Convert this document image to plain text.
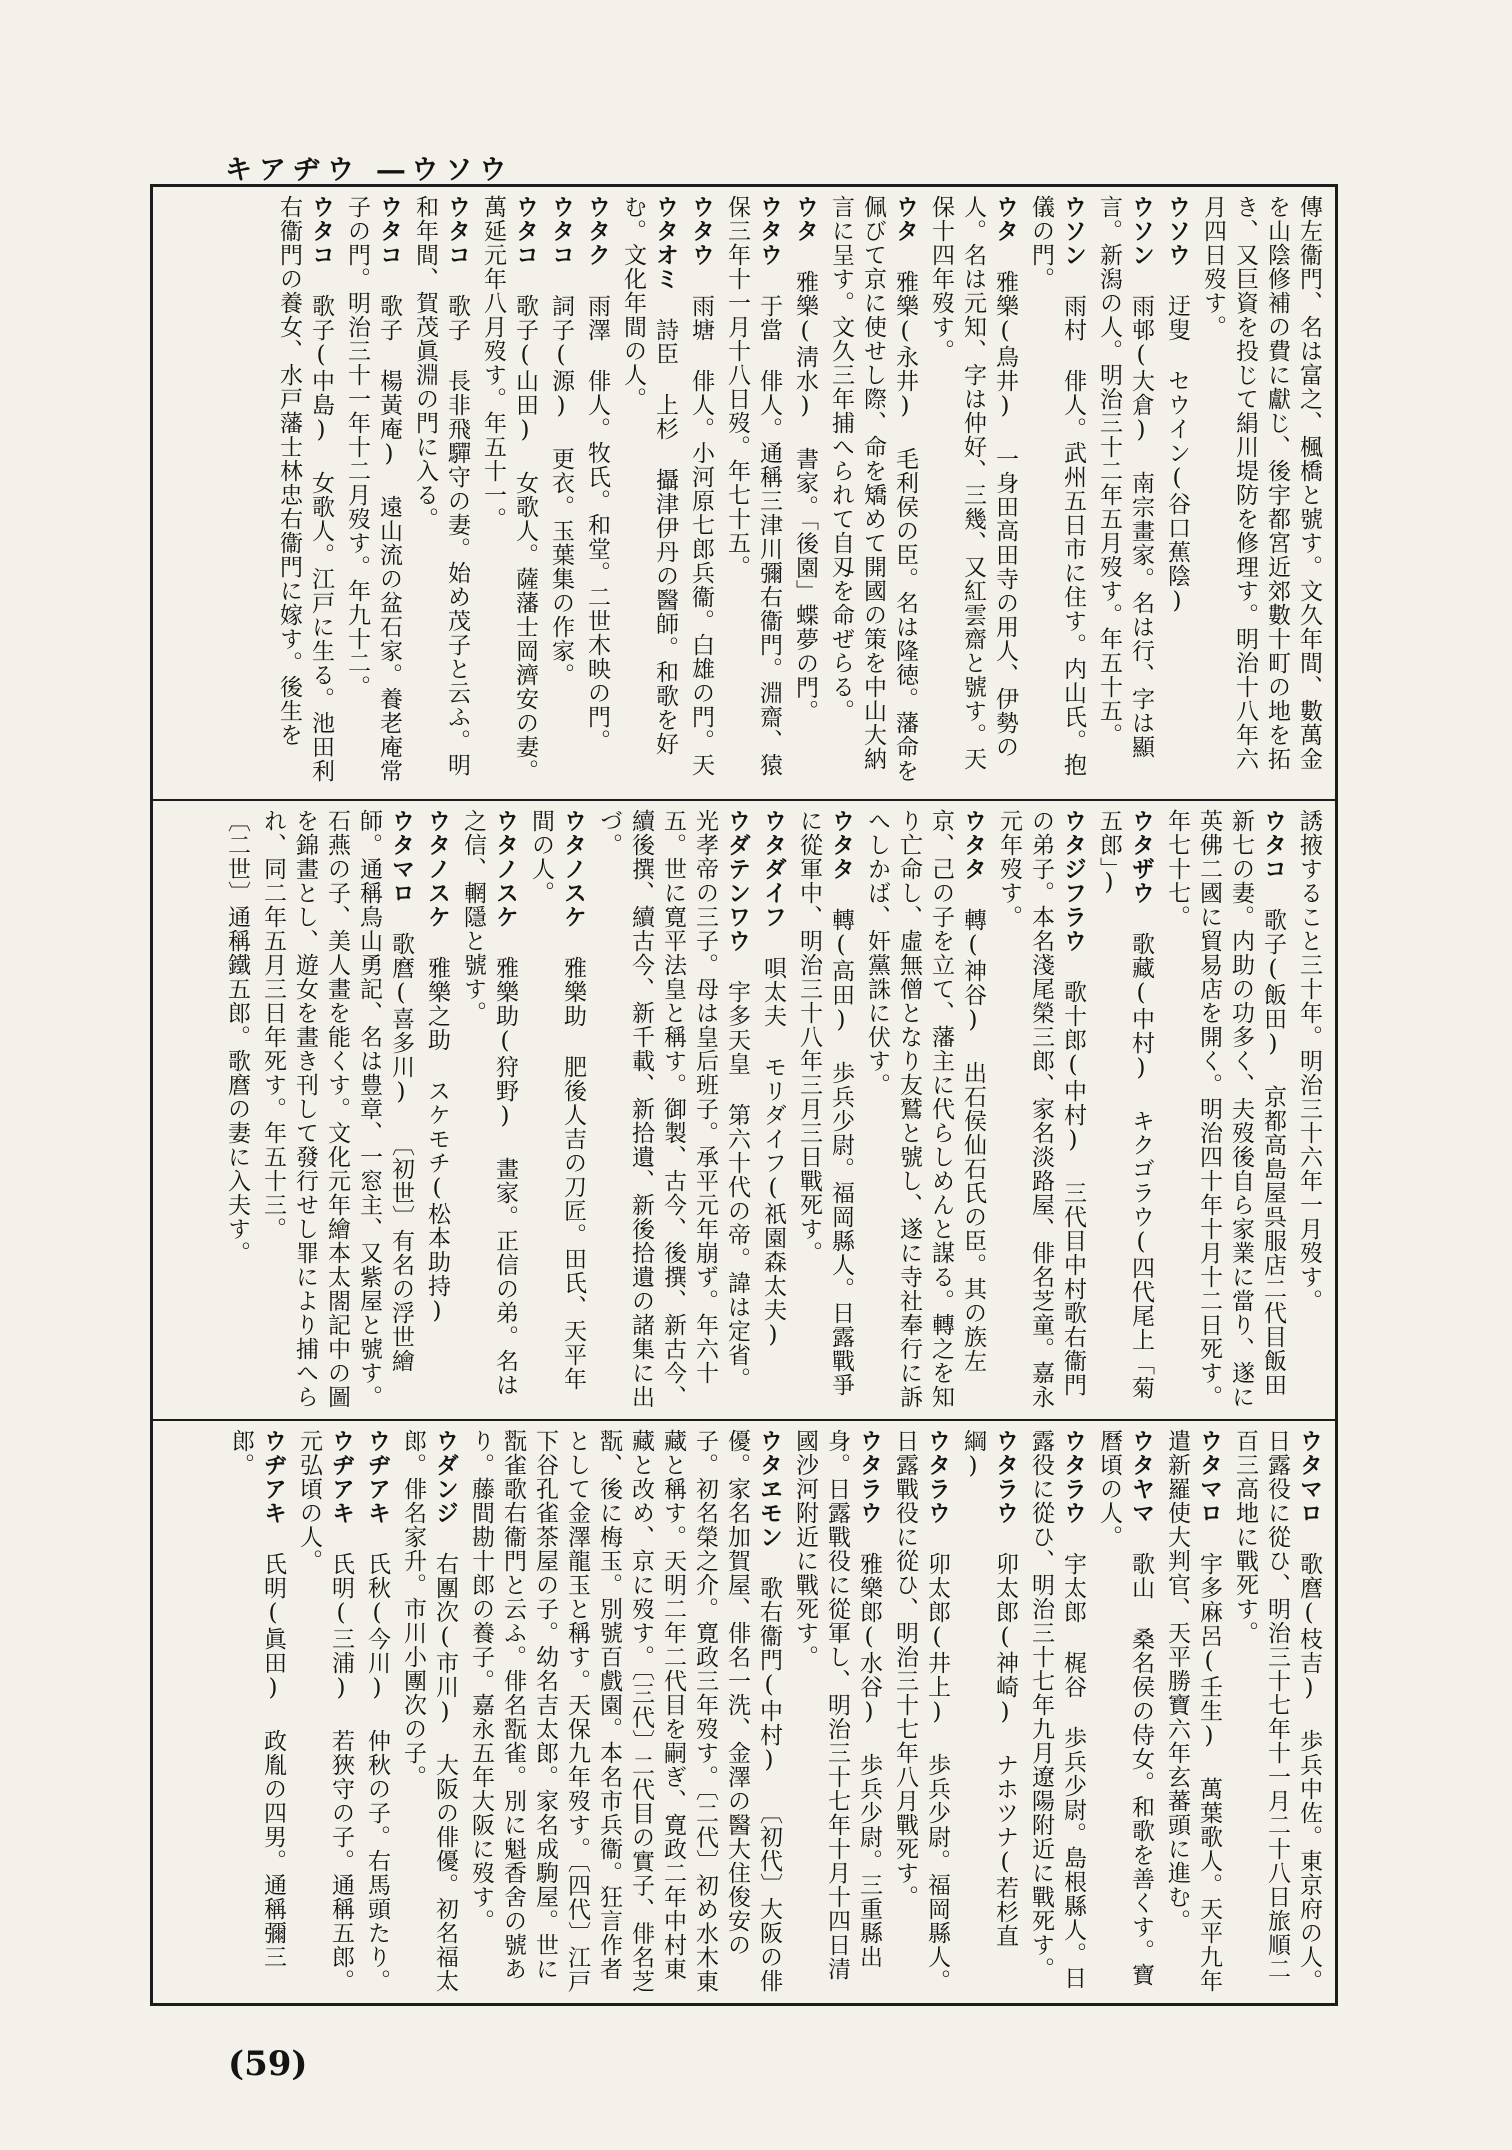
キアヂウ ―ウソウ

傳左衞門、名は富之、楓橋と號す。文久年間、數萬金を山陰修補の費に獻じ、後宇都宮近郊數十町の地を拓き、又巨資を投じて絹川堤防を修理す。明治十八年六月四日歿す。

ウソウ 迂叟 セウイン(谷口蕉陰)

ウソン 雨邨(大倉) 南宗畫家。名は行、字は顯言。新潟の人。明治三十二年五月歿す。年五十五。

ウソン 雨村 俳人。武州五日市に住す。内山氏。抱儀の門。

ウタ 雅樂(鳥井) 一身田高田寺の用人、伊勢の人。名は元知、字は仲好、三幾、又紅雲齋と號す。天保十四年歿す。

ウタ 雅樂(永井) 毛利侯の臣。名は隆徳。藩命を佩びて京に使せし際、命を矯めて開國の策を中山大納言に呈す。文久三年捕へられて自刄を命ぜらる。

ウタ 雅樂(淸水) 書家。「後園」蝶夢の門。

ウタウ 于當 俳人。通稱三津川彌右衞門。淵齋、猿保三年十一月十八日歿。年七十五。

ウタウ 雨塘 俳人。小河原七郎兵衞。白雄の門。天

ウタオミ 詩臣 上杉 攝津伊丹の醫師。和歌を好む。文化年間の人。

ウタク 雨澤 俳人。牧氏。和堂。二世木映の門。

ウタコ 詞子(源) 更衣。玉葉集の作家。

ウタコ 歌子(山田) 女歌人。薩藩士岡濟安の妻。萬延元年八月歿す。年五十一。

ウタコ 歌子 長非飛驒守の妻。始め茂子と云ふ。明和年間、賀茂眞淵の門に入る。

ウタコ 歌子 楊黃庵) 遠山流の盆石家。養老庵常子の門。明治三十一年十二月歿す。年九十二。

ウタコ 歌子(中島) 女歌人。江戸に生る。池田利右衞門の養女、水戸藩士林忠右衞門に嫁す。後生を

誘掖すること三十年。明治三十六年一月歿す。

ウタコ 歌子(飯田) 京都高島屋呉服店二代目飯田新七の妻。内助の功多く、夫歿後自ら家業に當り、遂に英佛二國に貿易店を開く。明治四十年十月十二日死す。年七十七。

ウタザウ 歌藏(中村) キクゴラウ(四代尾上「菊五郎」)

ウタジフラウ 歌十郎(中村) 三代目中村歌右衞門の弟子。本名淺尾榮三郎、家名淡路屋、俳名芝童。嘉永元年歿す。

ウタタ 轉(神谷) 出石侯仙石氏の臣。其の族左京、己の子を立て、藩主に代らしめんと謀る。轉之を知り亡命し、虛無僧となり友鷲と號し、遂に寺社奉行に訴へしかば、奸黨誅に伏す。

ウタタ 轉(高田) 歩兵少尉。福岡縣人。日露戰爭に從軍中、明治三十八年三月三日戰死す。

ウタダイフ 唄太夫 モリダイフ(祇園森太夫)

ウダテンワウ 宇多天皇 第六十代の帝。諱は定省。光孝帝の三子。母は皇后班子。承平元年崩ず。年六十五。世に寛平法皇と稱す。御製、古今、後撰、新古今、續後撰、續古今、新千載、新拾遺、新後拾遺の諸集に出づ。

ウタノスケ 雅樂助 肥後人吉の刀匠。田氏、天平年間の人。

ウタノスケ 雅樂助(狩野) 畫家。正信の弟。名は之信、輞隱と號す。

ウタノスケ 雅樂之助 スケモチ(松本助持)

ウタマロ 歌麿(喜多川) 〔初世〕有名の浮世繪師。通稱鳥山勇記、名は豊章、一窓主、又紫屋と號す。石燕の子、美人畫を能くす。文化元年繪本太閤記中の圖を錦畫とし、遊女を畫き刊して發行せし罪により捕へられ、同二年五月三日年死す。年五十三。

〔二世〕通稱鐵五郎。歌麿の妻に入夫す。

ウタマロ 歌麿(枝吉) 歩兵中佐。東京府の人。日露役に從ひ、明治三十七年十一月二十八日旅順二百三高地に戰死す。

ウタマロ 宇多麻呂(壬生) 萬葉歌人。天平九年遣新羅使大判官、天平勝寶六年玄蕃頭に進む。

ウタヤマ 歌山 桑名侯の侍女。和歌を善くす。寶曆頃の人。

ウタラウ 宇太郎 梶谷 歩兵少尉。島根縣人。日露役に從ひ、明治三十七年九月遼陽附近に戰死す。

ウタラウ 卯太郎(神崎) ナホツナ(若杉直綱)

ウタラウ 卯太郎(井上) 歩兵少尉。福岡縣人。日露戰役に從ひ、明治三十七年八月戰死す。

ウタラウ 雅樂郎(水谷) 歩兵少尉。三重縣出身。日露戰役に從軍し、明治三十七年十月十四日清國沙河附近に戰死す。

ウタヱモン 歌右衞門(中村) 〔初代〕大阪の俳優。家名加賀屋、俳名一洗、金澤の醫大住俊安の子。初名榮之介。寛政三年歿す。〔二代〕初め水木東藏と稱す。天明二年二代目を嗣ぎ、寛政二年中村東藏と改め、京に歿す。〔三代〕二代目の實子、俳名芝翫、後に梅玉。別號百戲園。本名市兵衞。狂言作者として金澤龍玉と稱す。天保九年歿す。〔四代〕江戸下谷孔雀茶屋の子。幼名吉太郎。家名成駒屋。世に翫雀歌右衞門と云ふ。俳名翫雀。別に魁香舍の號あり。藤間勘十郎の養子。嘉永五年大阪に歿す。

ウダンジ 右團次(市川) 大阪の俳優。初名福太郎。俳名家升。市川小團次の子。

ウヂアキ 氏秋(今川) 仲秋の子。右馬頭たり。

ウヂアキ 氏明(三浦) 若狹守の子。通稱五郎。元弘頃の人。

ウヂアキ 氏明(眞田) 政胤の四男。通稱彌三郎。

(59)
